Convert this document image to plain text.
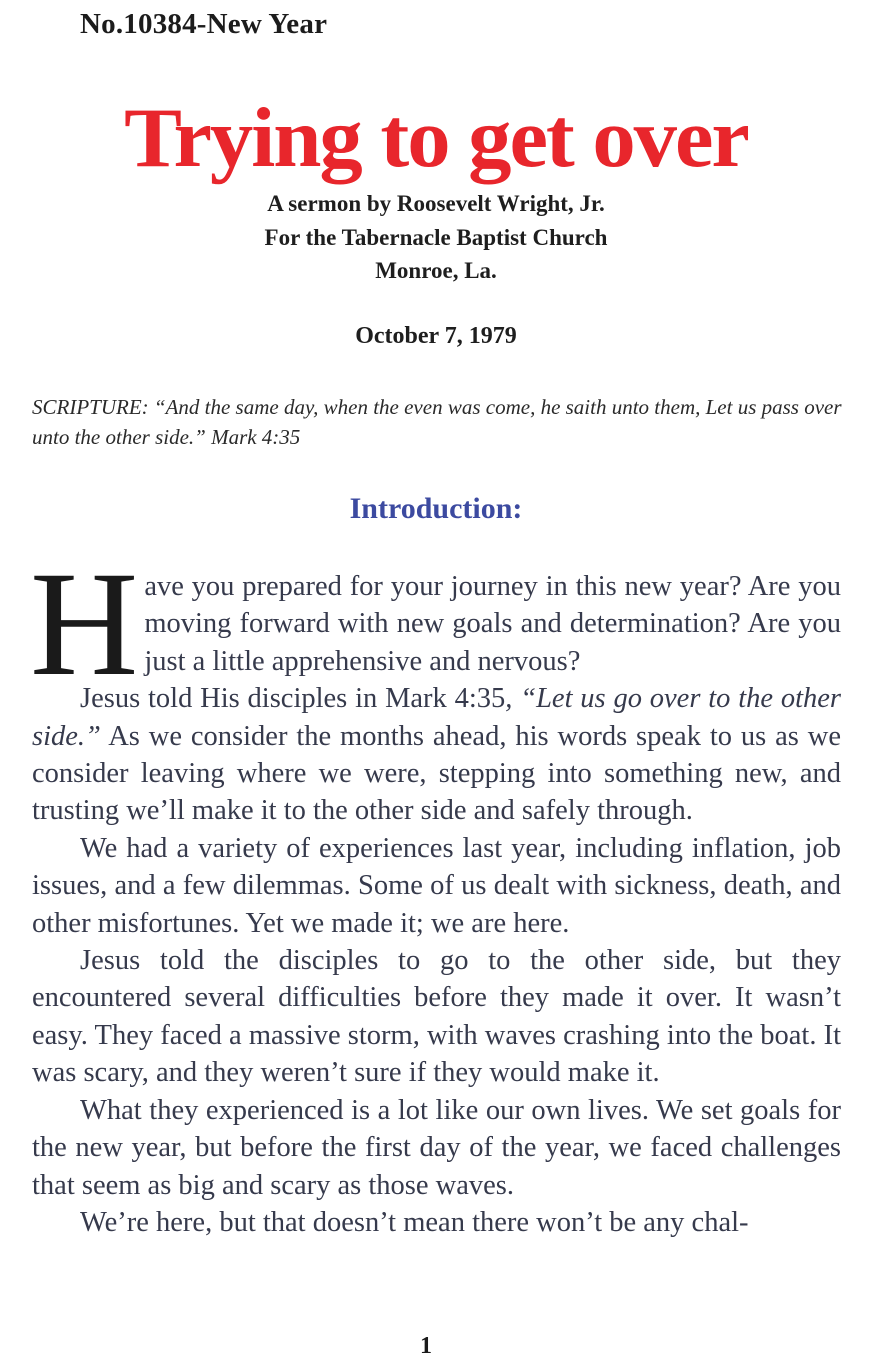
No.10384-New Year
Trying to get over
A sermon by Roosevelt Wright, Jr.
For the Tabernacle Baptist Church
Monroe, La.
October 7, 1979
SCRIPTURE: “And the same day, when the even was come, he saith unto them, Let us pass over unto the other side.” Mark 4:35
Introduction:

Have you prepared for your journey in this new year? Are you moving forward with new goals and determination? Are you just a little apprehensive and nervous?

Jesus told His disciples in Mark 4:35, “Let us go over to the other side.” As we consider the months ahead, his words speak to us as we consider leaving where we were, stepping into something new, and trusting we’ll make it to the other side and safely through.

We had a variety of experiences last year, including inflation, job issues, and a few dilemmas. Some of us dealt with sickness, death, and other misfortunes. Yet we made it; we are here.

Jesus told the disciples to go to the other side, but they encountered several difficulties before they made it over. It wasn’t easy. They faced a massive storm, with waves crashing into the boat. It was scary, and they weren’t sure if they would make it.

What they experienced is a lot like our own lives. We set goals for the new year, but before the first day of the year, we faced challenges that seem as big and scary as those waves.

We’re here, but that doesn’t mean there won’t be any chal-

1
